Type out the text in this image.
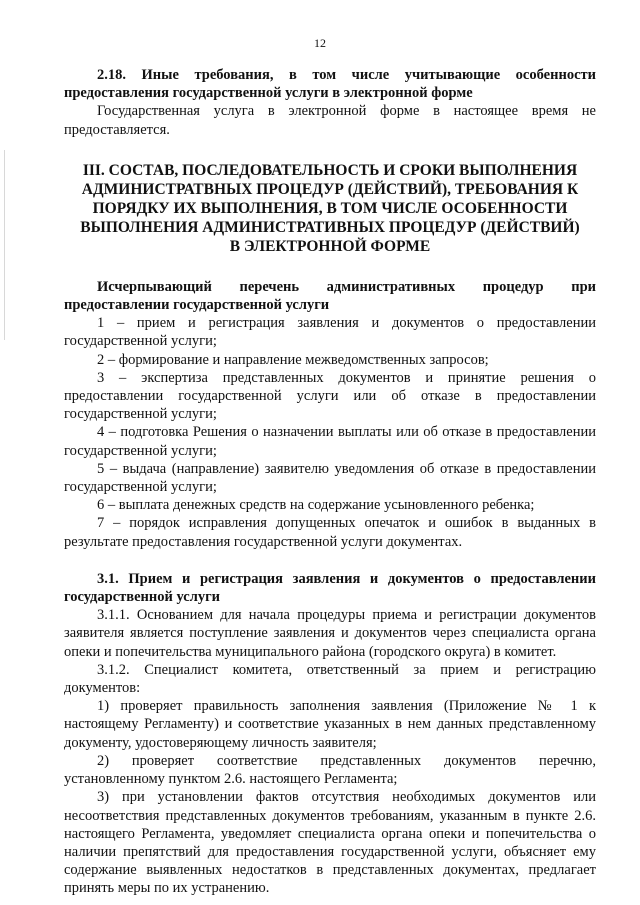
12

2.18. Иные требования, в том числе учитывающие особенности предоставления государственной услуги в электронной форме

Государственная услуга в электронной форме в настоящее время не предоставляется.

III. СОСТАВ, ПОСЛЕДОВАТЕЛЬНОСТЬ И СРОКИ ВЫПОЛНЕНИЯ АДМИНИСТРАТВНЫХ ПРОЦЕДУР (ДЕЙСТВИЙ), ТРЕБОВАНИЯ К ПОРЯДКУ ИХ ВЫПОЛНЕНИЯ, В ТОМ ЧИСЛЕ ОСОБЕННОСТИ ВЫПОЛНЕНИЯ АДМИНИСТРАТИВНЫХ ПРОЦЕДУР (ДЕЙСТВИЙ) В ЭЛЕКТРОННОЙ ФОРМЕ

Исчерпывающий перечень административных процедур при предоставлении государственной услуги

1 – прием и регистрация заявления и документов о предоставлении государственной услуги;

2 – формирование и направление межведомственных запросов;

3 – экспертиза представленных документов и принятие решения о предоставлении государственной услуги или об отказе в предоставлении государственной услуги;

4 – подготовка Решения о назначении выплаты или об отказе в предоставлении государственной услуги;

5 – выдача (направление) заявителю уведомления об отказе в предоставлении государственной услуги;

6 – выплата денежных средств на содержание усыновленного ребенка;

7 – порядок исправления допущенных опечаток и ошибок в выданных в результате предоставления государственной услуги документах.

3.1. Прием и регистрация заявления и документов о предоставлении государственной услуги

3.1.1. Основанием для начала процедуры приема и регистрации документов заявителя является поступление заявления и документов через специалиста органа опеки и попечительства муниципального района (городского округа) в комитет.

3.1.2. Специалист комитета, ответственный за прием и регистрацию документов:

1) проверяет правильность заполнения заявления (Приложение № 1 к настоящему Регламенту) и соответствие указанных в нем данных представленному документу, удостоверяющему личность заявителя;

2) проверяет соответствие представленных документов перечню, установленному пунктом 2.6. настоящего Регламента;

3) при установлении фактов отсутствия необходимых документов или несоответствия представленных документов требованиям, указанным в пункте 2.6. настоящего Регламента, уведомляет специалиста органа опеки и попечительства о наличии препятствий для предоставления государственной услуги, объясняет ему содержание выявленных недостатков в представленных документах, предлагает принять меры по их устранению.
